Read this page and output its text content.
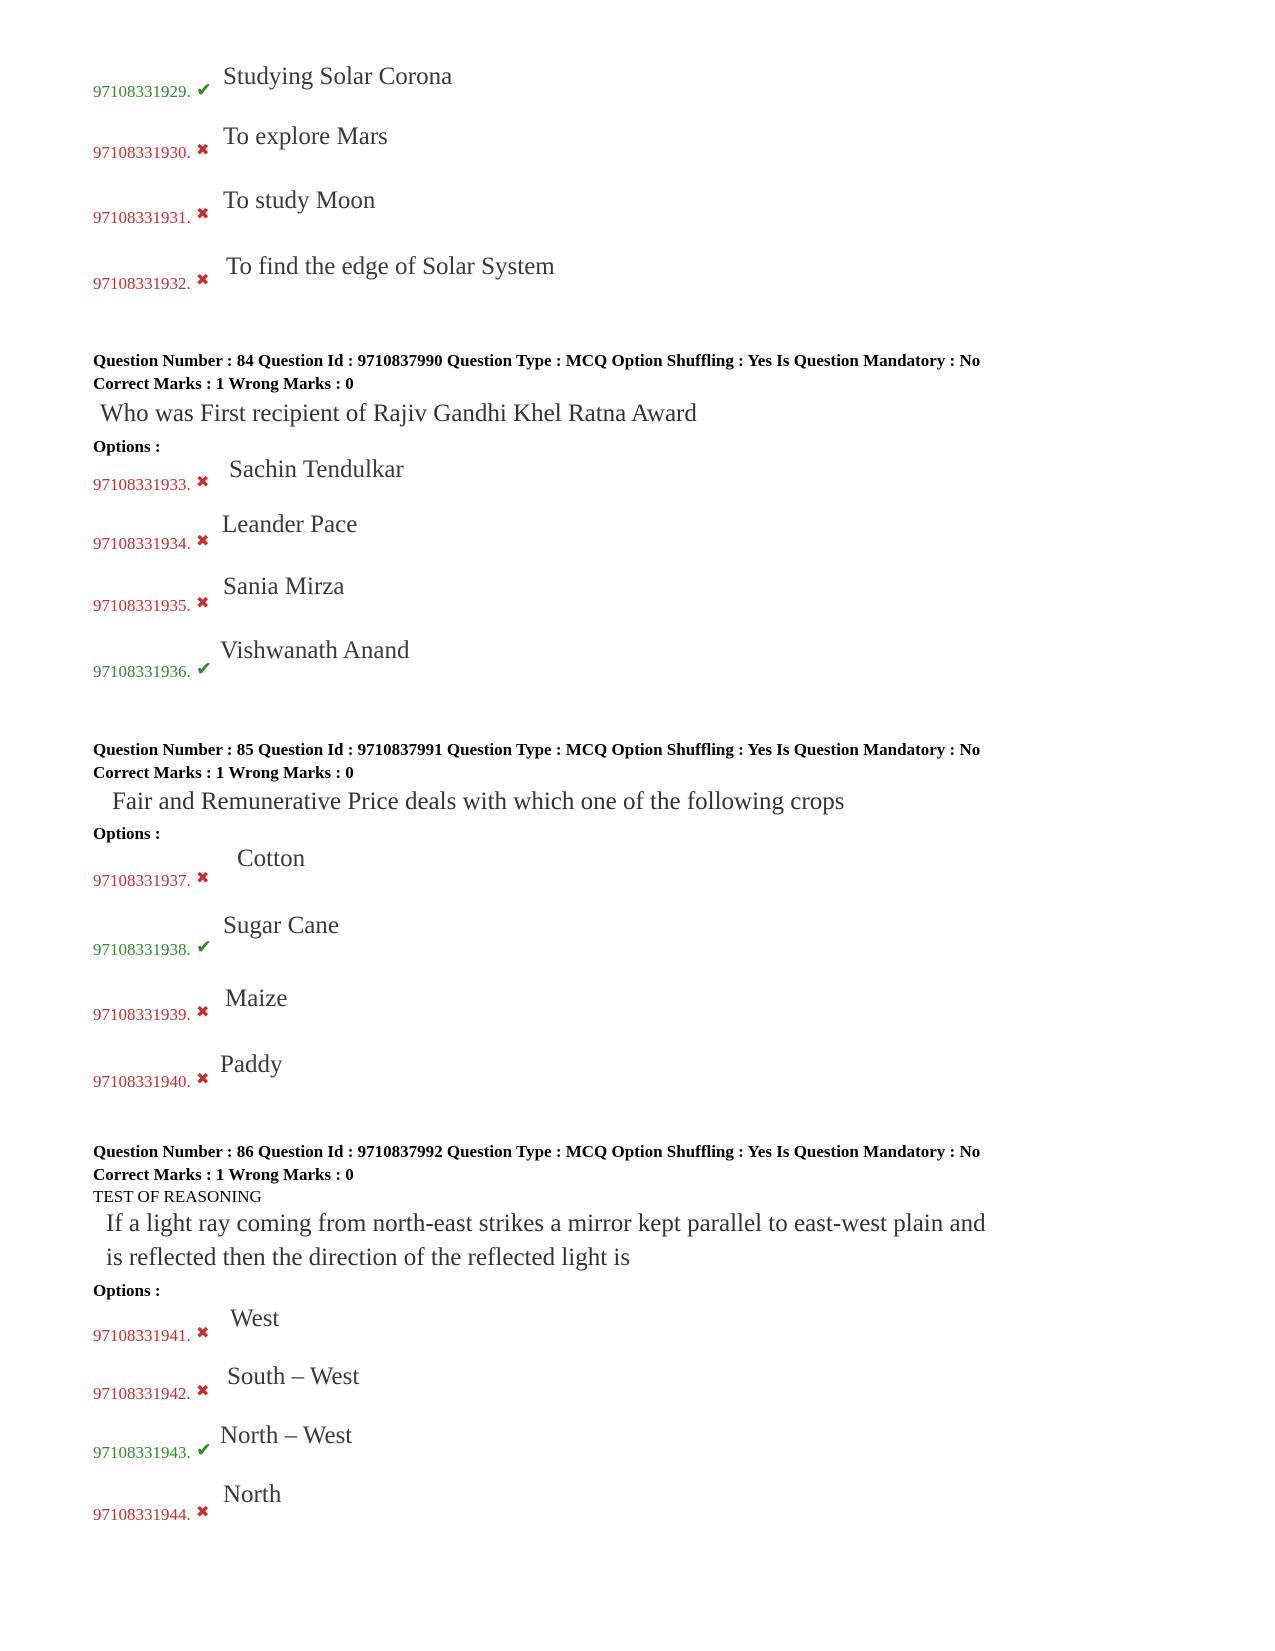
97108331929. ✔ Studying Solar Corona
97108331930. ✖ To explore Mars
97108331931. ✖ To study Moon
97108331932. ✖ To find the edge of Solar System
Question Number : 84 Question Id : 9710837990 Question Type : MCQ Option Shuffling : Yes Is Question Mandatory : No
Correct Marks : 1 Wrong Marks : 0
Who was First recipient of Rajiv Gandhi Khel Ratna Award
Options :
97108331933. ✖ Sachin Tendulkar
97108331934. ✖
Leander Pace
97108331935. ✖
Sania Mirza
97108331936. ✔
Vishwanath Anand
Question Number : 85 Question Id : 9710837991 Question Type : MCQ Option Shuffling : Yes Is Question Mandatory : No
Correct Marks : 1 Wrong Marks : 0
Fair and Remunerative Price deals with which one of the following crops
Options :
97108331937. ✖
Cotton
97108331938. ✔
Sugar Cane
97108331939. ✖ Maize
97108331940. ✖
Paddy
Question Number : 86 Question Id : 9710837992 Question Type : MCQ Option Shuffling : Yes Is Question Mandatory : No
Correct Marks : 1 Wrong Marks : 0
TEST OF REASONING
If a light ray coming from north-east strikes a mirror kept parallel to east-west plain and is reflected then the direction of the reflected light is
Options :
97108331941. ✖
West
97108331942. ✖
South – West
97108331943. ✔
North – West
97108331944. ✖
North
